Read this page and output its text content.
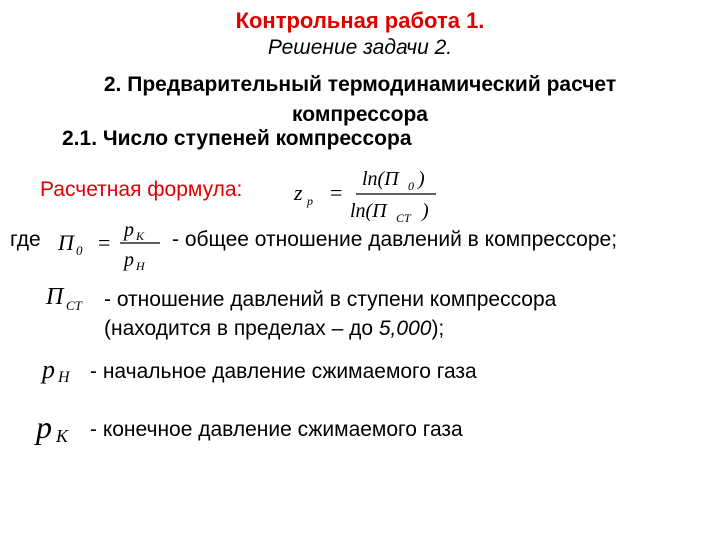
Контрольная работа 1.
Решение задачи 2.
2. Предварительный термодинамический расчет компрессора
2.1. Число ступеней компрессора
Расчетная формула: z р =
ln(П 0 )
ln(П СТ )
где П 0 = p К
p Н
- общее отношение давлений в компрессоре;
П СТ - отношение давлений в ступени компрессора
(находится в пределах – до 5,000);
p Н - начальное давление сжимаемого газа
p К - конечное давление сжимаемого газа
